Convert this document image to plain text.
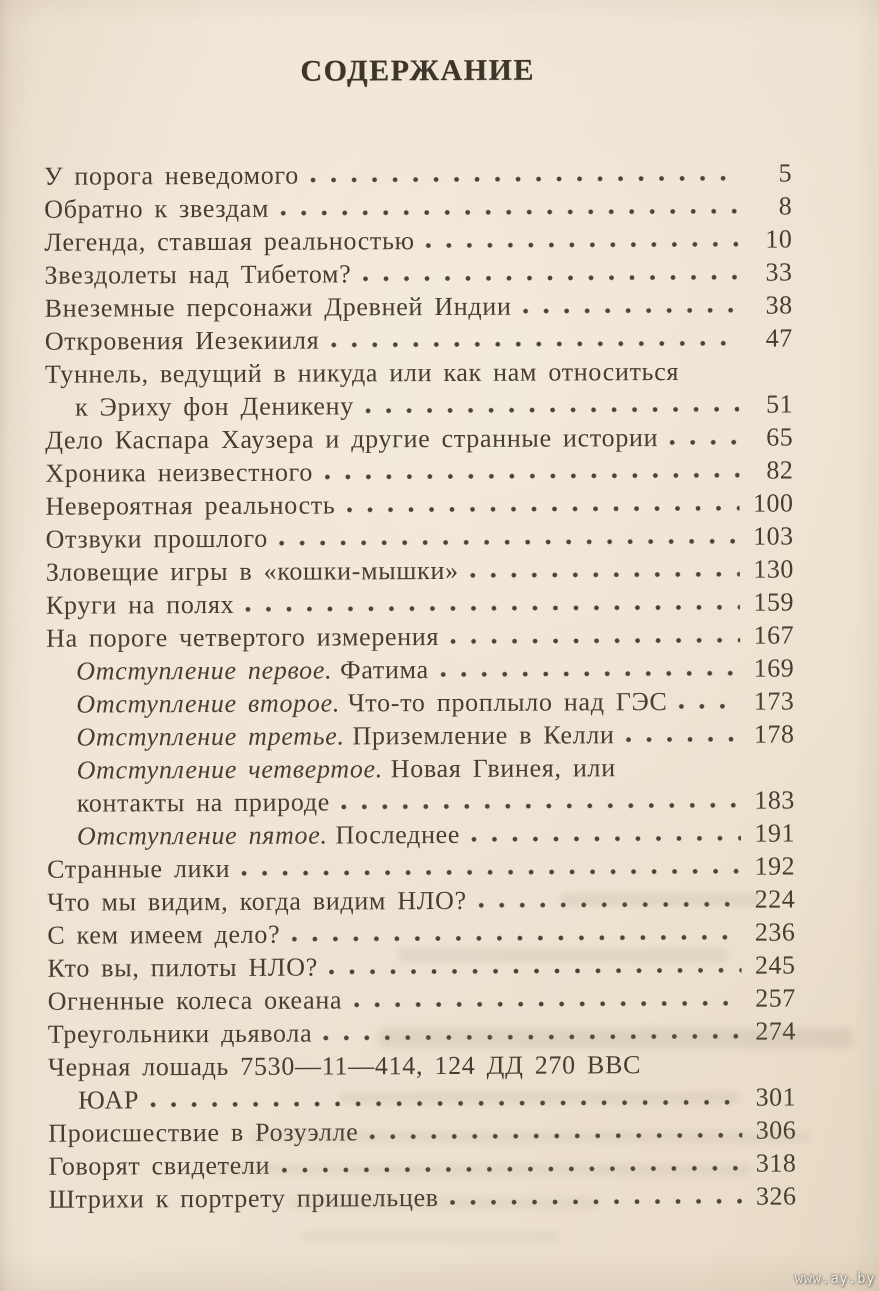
СОДЕРЖАНИЕ
У порога неведомого	5
Обратно к звездам	8
Легенда, ставшая реальностью	10
Звездолеты над Тибетом?	33
Внеземные персонажи Древней Индии	38
Откровения Иезекииля	47
Туннель, ведущий в никуда или как нам относиться
к Эриху фон Деникену	51
Дело Каспара Хаузера и другие странные истории	65
Хроника неизвестного	82
Невероятная реальность	100
Отзвуки прошлого	103
Зловещие игры в «кошки-мышки»	130
Круги на полях	159
На пороге четвертого измерения	167
Отступление первое. Фатима	169
Отступление второе. Что-то проплыло над ГЭС	173
Отступление третье. Приземление в Келли	178
Отступление четвертое. Новая Гвинея, или
контакты на природе	183
Отступление пятое. Последнее	191
Странные лики	192
Что мы видим, когда видим НЛО?	224
С кем имеем дело?	236
Кто вы, пилоты НЛО?	245
Огненные колеса океана	257
Треугольники дьявола	274
Черная лошадь 7530—11—414, 124 ДД 270 ВВС
ЮАР	301
Происшествие в Розуэлле	306
Говорят свидетели	318
Штрихи к портрету пришельцев	326
www.ay.by
